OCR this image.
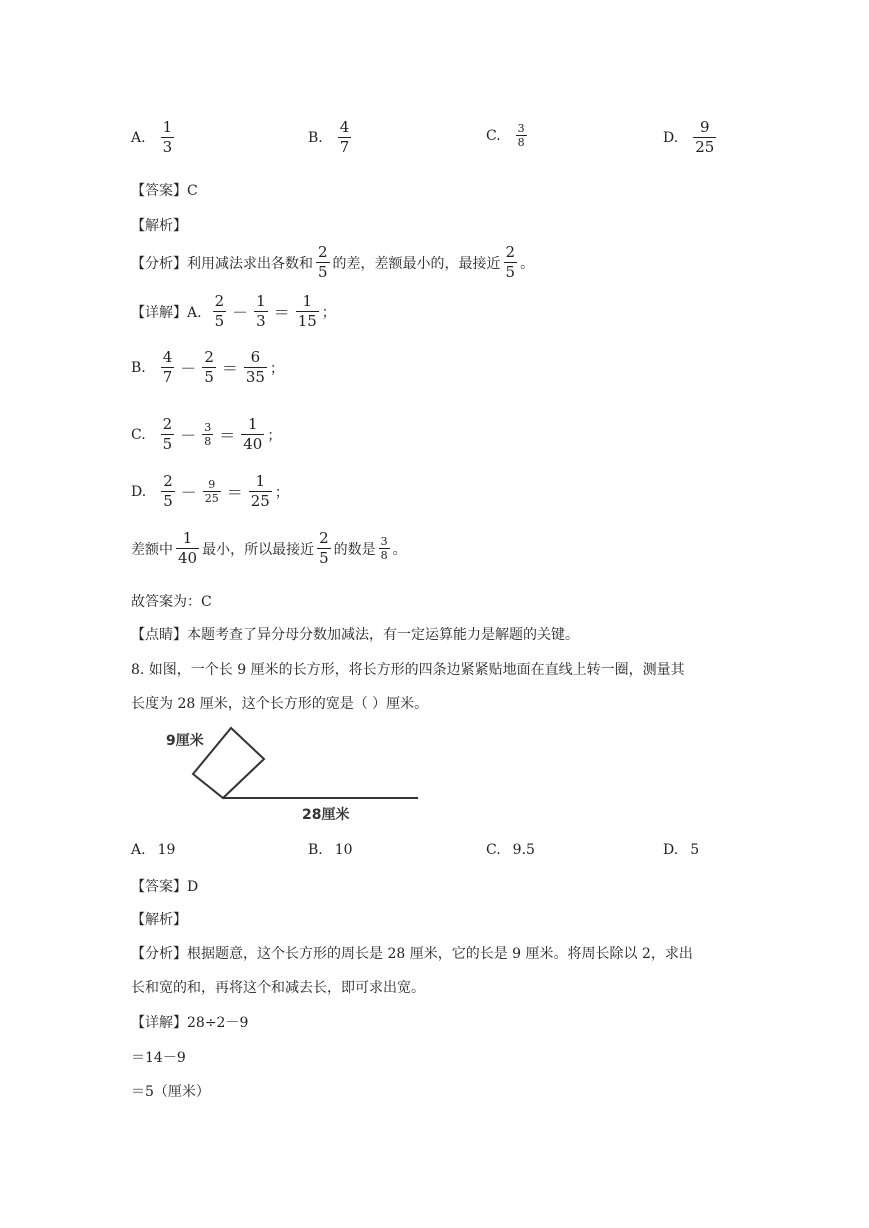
A. $\frac{1}{3}$	B. $\frac{4}{7}$	C. $\frac{3}{8}$	D. $\frac{9}{25}$
【答案】C
【解析】
【分析】利用减法求出各数和 $\frac{2}{5}$ 的差，差额最小的，最接近 $\frac{2}{5}$ 。
【详解】A. $\frac{2}{5} - \frac{1}{3} = \frac{1}{15}$ ；
B. $\frac{4}{7} - \frac{2}{5} = \frac{6}{35}$ ；
C. $\frac{2}{5} - \frac{3}{8} = \frac{1}{40}$ ；
D. $\frac{2}{5} - \frac{9}{25} = \frac{1}{25}$ ；
差额中 $\frac{1}{40}$ 最小，所以最接近 $\frac{2}{5}$ 的数是 $\frac{3}{8}$ 。
故答案为：C
【点睛】本题考查了异分母分数加减法，有一定运算能力是解题的关键。
8. 如图，一个长 9 厘米的长方形，将长方形的四条边紧紧贴地面在直线上转一圈，测量其
长度为 28 厘米，这个长方形的宽是（ ）厘米。
9厘米
28厘米
A. 19	B. 10	C. 9.5	D. 5
【答案】D
【解析】
【分析】根据题意，这个长方形的周长是 28 厘米，它的长是 9 厘米。将周长除以 2，求出
长和宽的和，再将这个和减去长，即可求出宽。
【详解】28÷2－9
＝14－9
＝5（厘米）
